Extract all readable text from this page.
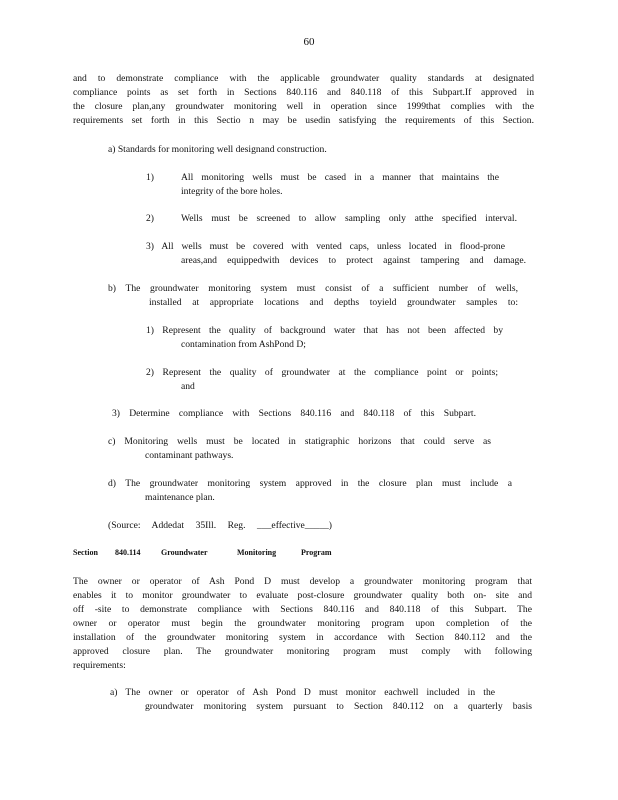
60
and to demonstrate compliance with the applicable groundwater quality standards at designated
compliance points as set forth in Sections 840.116 and 840.118 of this Subpart.If approved in
the closure plan,any groundwater monitoring well in operation since 1999that complies with the
requirements set forth in this Sectio n may be usedin satisfying the requirements of this Section.
a) Standards for monitoring well designand construction.
1)	All monitoring wells must be cased in a manner that maintains the
integrity of the bore holes.
2)	Wells must be screened to allow sampling only atthe specified interval.
3) All wells must be covered with vented caps, unless located in flood-prone
areas,and equippedwith devices to protect against tampering and damage.
b) The groundwater monitoring system must consist of a sufficient number of wells,
installed at appropriate locations and depths toyield groundwater samples to:
1) Represent the quality of background water that has not been affected by
contamination from AshPond D;
2) Represent the quality of groundwater at the compliance point or points;
and
3) Determine compliance with Sections 840.116 and 840.118 of this Subpart.
c) Monitoring wells must be located in statigraphic horizons that could serve as
contaminant pathways.
d) The groundwater monitoring system approved in the closure plan must include a
maintenance plan.
(Source: Addedat 35Ill. Reg. ___effective_____)
Section 840.114	Groundwater	Monitoring	Program
The owner or operator of Ash Pond D must develop a groundwater monitoring program that
enables it to monitor groundwater to evaluate post-closure groundwater quality both on- site and
off -site to demonstrate compliance with Sections 840.116 and 840.118 of this Subpart. The
owner or operator must begin the groundwater monitoring program upon completion of the
installation of the groundwater monitoring system in accordance with Section 840.112 and the
approved closure plan. The groundwater monitoring program must comply with following
requirements:
a) The owner or operator of Ash Pond D must monitor eachwell included in the
groundwater monitoring system pursuant to Section 840.112 on a quarterly basis
